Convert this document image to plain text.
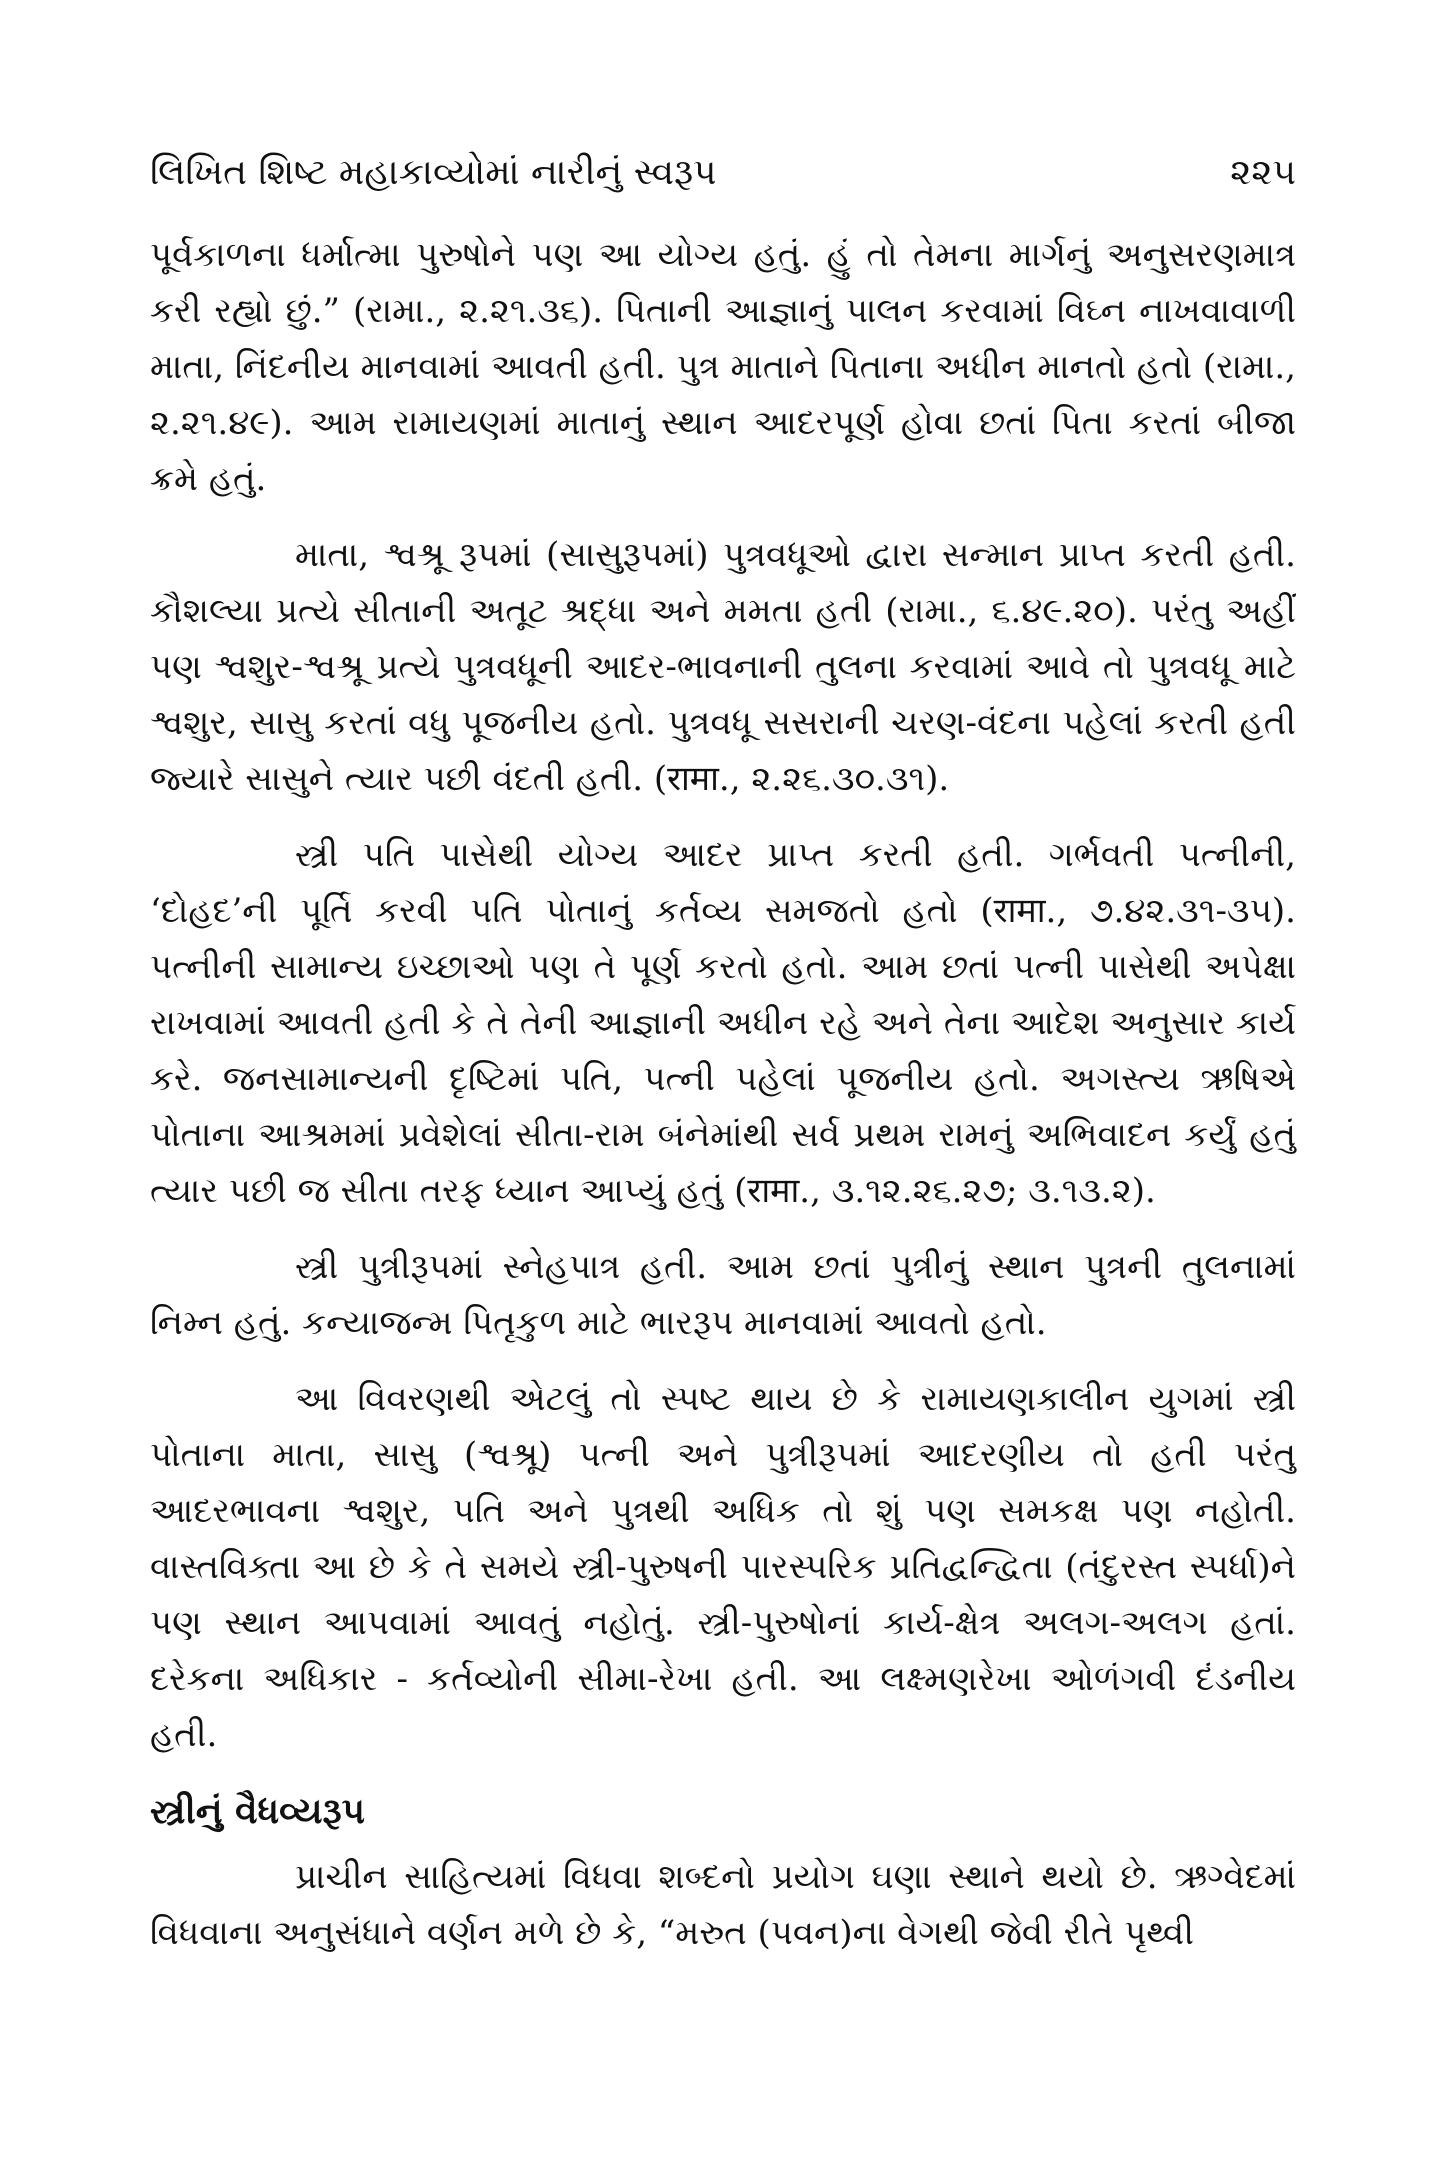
લિખિત શિષ્ટ મહાકાવ્યોમાં નારીનું સ્વરૂપ	૨૨૫

પૂર્વકાળના ધર્માત્મા પુરુષોને પણ આ યોગ્ય હતું. હું તો તેમના માર્ગનું અનુસરણમાત્ર કરી રહ્યો છું.” (રામા., ૨.૨૧.૩૬). પિતાની આજ્ઞાનું પાલન કરવામાં વિઘ્ન નાખવાવાળી માતા, નિંદનીય માનવામાં આવતી હતી. પુત્ર માતાને પિતાના અધીન માનતો હતો (રામા., ૨.૨૧.૪૯). આમ રામાયણમાં માતાનું સ્થાન આદરપૂર્ણ હોવા છતાં પિતા કરતાં બીજા ક્રમે હતું.

માતા, શ્વશ્રૂ રૂપમાં (સાસુરૂપમાં) પુત્રવધૂઓ દ્વારા સન્માન પ્રાપ્ત કરતી હતી. કૌશલ્યા પ્રત્યે સીતાની અતૂટ શ્રદ્ધા અને મમતા હતી (રામા., ૬.૪૯.૨૦). પરંતુ અહીં પણ શ્વશુર-શ્વશ્રૂ પ્રત્યે પુત્રવધૂની આદર-ભાવનાની તુલના કરવામાં આવે તો પુત્રવધૂ માટે શ્વશુર, સાસુ કરતાં વધુ પૂજનીય હતો. પુત્રવધૂ સસરાની ચરણ-વંદના પહેલાં કરતી હતી જ્યારે સાસુને ત્યાર પછી વંદતી હતી. (रामा., ૨.૨૬.૩૦.૩૧).

સ્ત્રી પતિ પાસેથી યોગ્ય આદર પ્રાપ્ત કરતી હતી. ગર્ભવતી પત્નીની, ‘દોહદ’ની પૂર્તિ કરવી પતિ પોતાનું કર્તવ્ય સમજતો હતો (रामा., ૭.૪૨.૩૧-૩૫). પત્નીની સામાન્ય ઇચ્છાઓ પણ તે પૂર્ણ કરતો હતો. આમ છતાં પત્ની પાસેથી અપેક્ષા રાખવામાં આવતી હતી કે તે તેની આજ્ઞાની અધીન રહે અને તેના આદેશ અનુસાર કાર્ય કરે. જનસામાન્યની દૃષ્ટિમાં પતિ, પત્ની પહેલાં પૂજનીય હતો. અગસ્ત્ય ઋષિએ પોતાના આશ્રમમાં પ્રવેશેલાં સીતા-રામ બંનેમાંથી સર્વ પ્રથમ રામનું અભિવાદન કર્યું હતું ત્યાર પછી જ સીતા તરફ ધ્યાન આપ્યું હતું (रामा., ૩.૧૨.૨૬.૨૭; ૩.૧૩.૨).

સ્ત્રી પુત્રીરૂપમાં સ્નેહપાત્ર હતી. આમ છતાં પુત્રીનું સ્થાન પુત્રની તુલનામાં નિમ્ન હતું. કન્યાજન્મ પિતૃકુળ માટે ભારરૂપ માનવામાં આવતો હતો.

આ વિવરણથી એટલું તો સ્પષ્ટ થાય છે કે રામાયણકાલીન યુગમાં સ્ત્રી પોતાના માતા, સાસુ (શ્વશ્રૂ) પત્ની અને પુત્રીરૂપમાં આદરણીય તો હતી પરંતુ આદરભાવના શ્વશુર, પતિ અને પુત્રથી અધિક તો શું પણ સમકક્ષ પણ નહોતી. વાસ્તવિક્તા આ છે કે તે સમયે સ્ત્રી-પુરુષની પારસ્પરિક પ્રતિદ્વન્દ્વિતા (તંદુરસ્ત સ્પર્ધા)ને પણ સ્થાન આપવામાં આવતું નહોતું. સ્ત્રી-પુરુષોનાં કાર્ય-ક્ષેત્ર અલગ-અલગ હતાં. દરેકના અધિકાર - કર્તવ્યોની સીમા-રેખા હતી. આ લક્ષ્મણરેખા ઓળંગવી દંડનીય હતી.

સ્ત્રીનું વૈધવ્યરૂપ

પ્રાચીન સાહિત્યમાં વિધવા શબ્દનો પ્રયોગ ઘણા સ્થાને થયો છે. ઋગ્વેદમાં વિધવાના અનુસંધાને વર્ણન મળે છે કે, “મરુત (પવન)ના વેગથી જેવી રીતે પૃથ્વી
